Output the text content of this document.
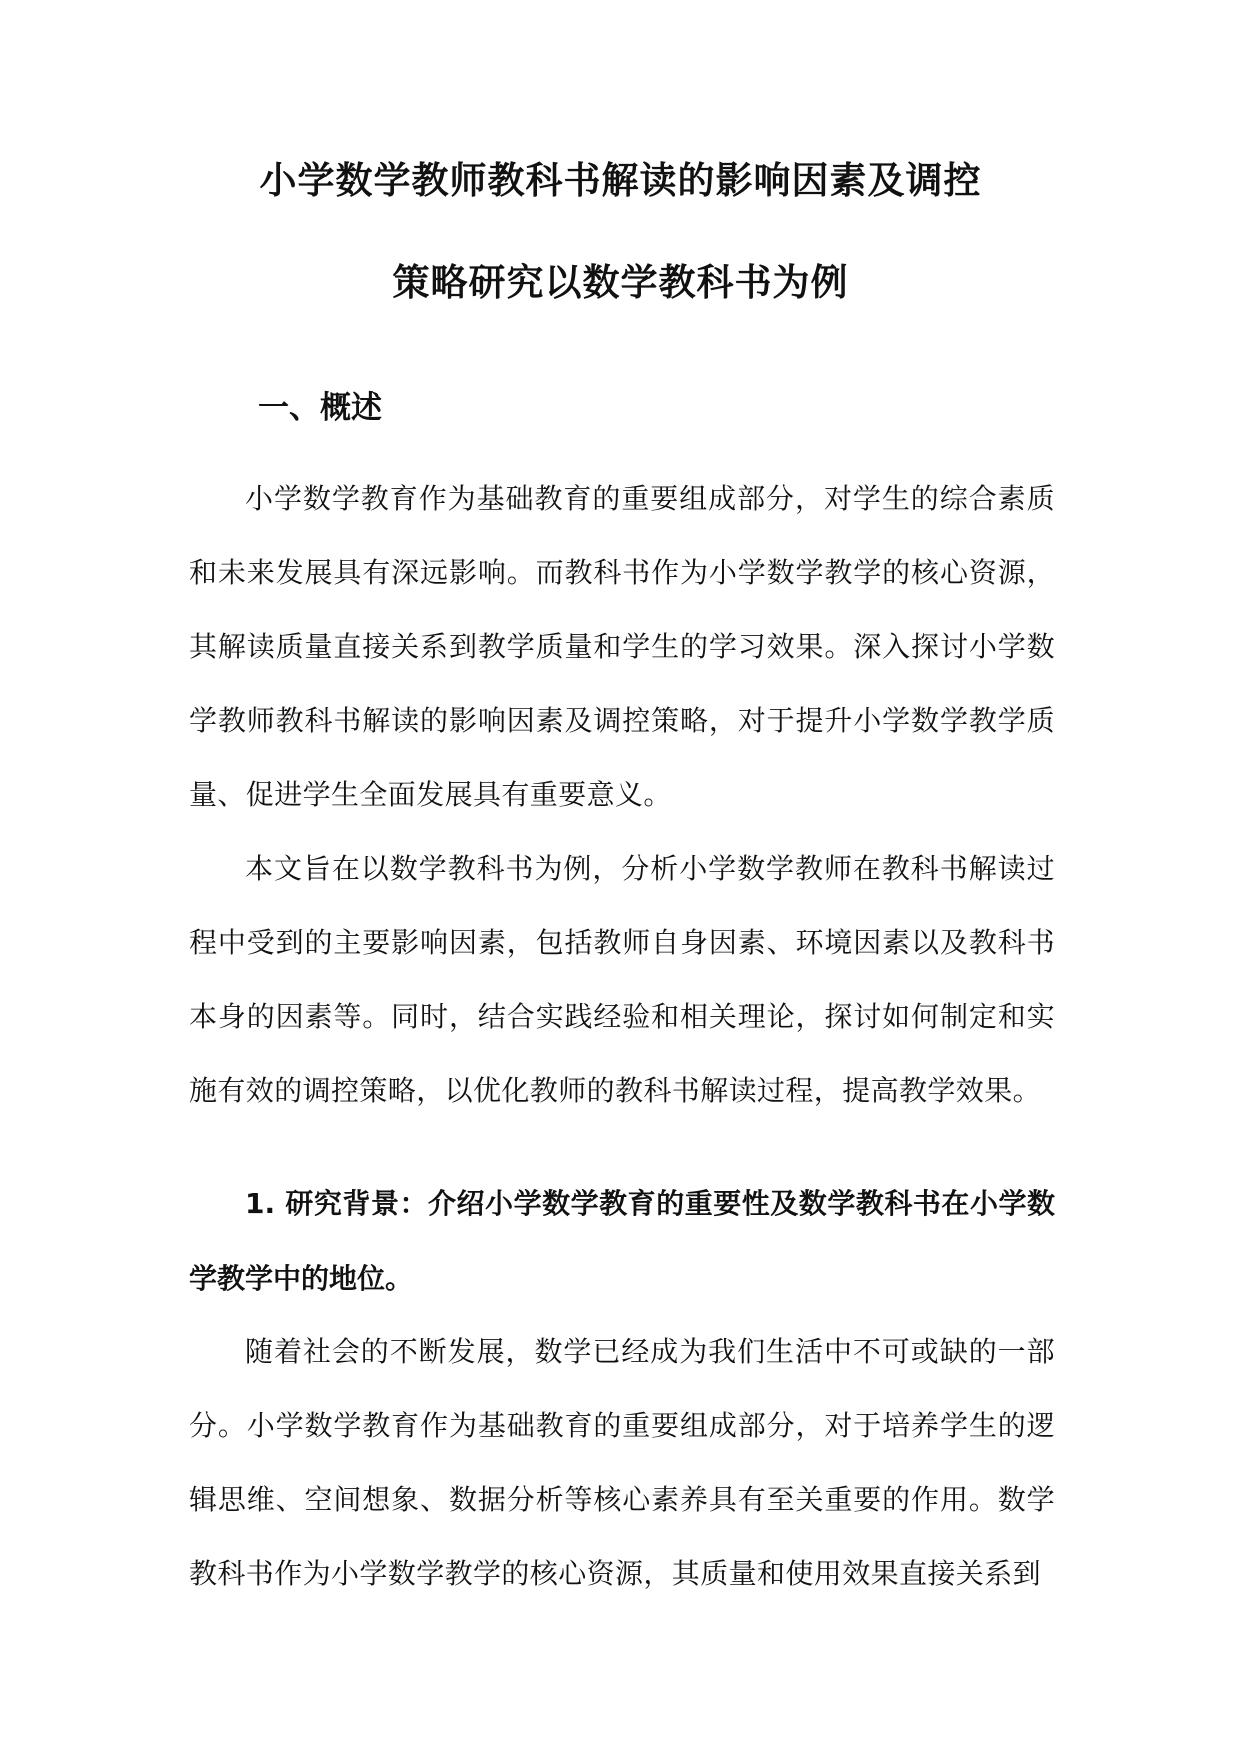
小学数学教师教科书解读的影响因素及调控
策略研究以数学教科书为例
一、概述

小学数学教育作为基础教育的重要组成部分，对学生的综合素质和未来发展具有深远影响。而教科书作为小学数学教学的核心资源，其解读质量直接关系到教学质量和学生的学习效果。深入探讨小学数学教师教科书解读的影响因素及调控策略，对于提升小学数学教学质量、促进学生全面发展具有重要意义。

本文旨在以数学教科书为例，分析小学数学教师在教科书解读过程中受到的主要影响因素，包括教师自身因素、环境因素以及教科书本身的因素等。同时，结合实践经验和相关理论，探讨如何制定和实施有效的调控策略，以优化教师的教科书解读过程，提高教学效果。

1. 研究背景：介绍小学数学教育的重要性及数学教科书在小学数学教学中的地位。

随着社会的不断发展，数学已经成为我们生活中不可或缺的一部分。小学数学教育作为基础教育的重要组成部分，对于培养学生的逻辑思维、空间想象、数据分析等核心素养具有至关重要的作用。数学教科书作为小学数学教学的核心资源，其质量和使用效果直接关系到
